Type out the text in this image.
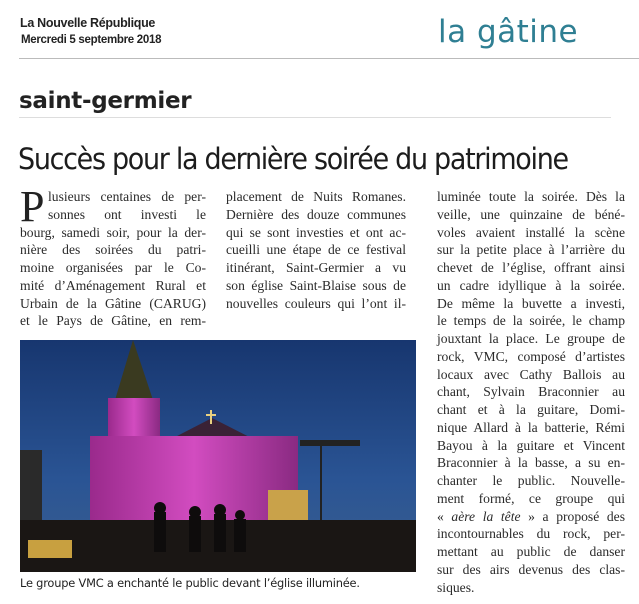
La Nouvelle République
Mercredi 5 septembre 2018	la gâtine
saint-germier
Succès pour la dernière soirée du patrimoine
P lusieurs centaines de per-
sonnes ont investi le
bourg, samedi soir, pour la der-
nière des soirées du patri-
moine organisées par le Co-
mité d’Aménagement Rural et
Urbain de la Gâtine (CARUG)
et le Pays de Gâtine, en rem-
placement de Nuits Romanes.
Dernière des douze communes
qui se sont investies et ont ac-
cueilli une étape de ce festival
itinérant, Saint-Germier a vu
son église Saint-Blaise sous de
nouvelles couleurs qui l’ont il-
luminée toute la soirée. Dès la
veille, une quinzaine de béné-
voles avaient installé la scène
sur la petite place à l’arrière du
chevet de l’église, offrant ainsi
un cadre idyllique à la soirée.
De même la buvette a investi,
le temps de la soirée, le champ
jouxtant la place. Le groupe de
rock, VMC, composé d’artistes
locaux avec Cathy Ballois au
chant, Sylvain Braconnier au
chant et à la guitare, Domi-
nique Allard à la batterie, Rémi
Bayou à la guitare et Vincent
Braconnier à la basse, a su en-
chanter le public. Nouvelle-
ment formé, ce groupe qui
« aère la tête » a proposé des
incontournables du rock, per-
mettant au public de danser
sur des airs devenus des clas-
siques.
Le groupe VMC a enchanté le public devant l’église illuminée.
